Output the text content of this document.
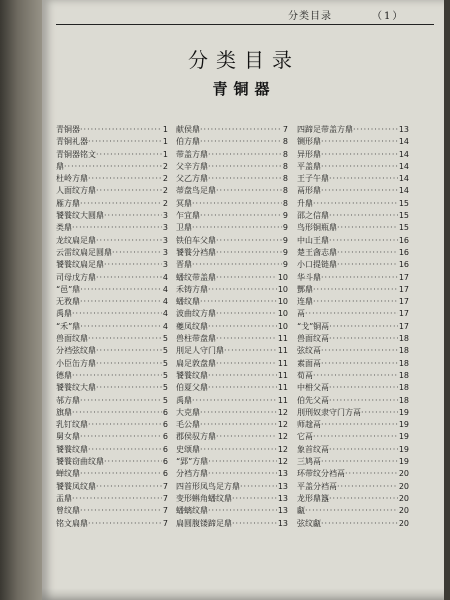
分类目录	（1）
分类目录
青铜器
青铜器 ·····	1
青铜礼器 ·····	1
青铜器铭文 ·····	1
鼎 ·····	2
杜岭方鼎 ·····	2
人面纹方鼎 ·····	2
雁方鼎 ·····	2
饕餮纹大圆鼎 ·····	3
类鼎 ·····	3
龙纹扁足鼎 ·····	3
云雷纹扁足圆鼎 ·····	3
饕餮纹扁足鼎 ·····	3
司母戊方鼎 ·····	4
“邑”鼎 ·····	4
无敄鼎 ·····	4
禹鼎 ·····	4
“禾”鼎 ·····	4
兽面纹鼎 ·····	5
分裆弦纹鼎 ·····	5
小臣缶方鼎 ·····	5
德鼎 ·····	5
饕餮纹大鼎 ·····	5
邿方鼎 ·····	5
旗鼎 ·····	6
乳钉纹鼎 ·····	6
舅女鼎 ·····	6
饕餮纹鼎 ·····	6
饕餮窃曲纹鼎 ·····	6
蝉纹鼎 ·····	6
饕餮凤纹鼎 ·····	7
盂鼎 ·····	7
曾纹鼎 ·····	7
铭文扁鼎 ·····	7
献侯鼎 ·····	7
伯方鼎 ·····	8
带盖方鼎 ·····	8
父辛方鼎 ·····	8
父乙方鼎 ·····	8
蒂盘鸟足鼎 ·····	8
冥鼎 ·····	8
乍宜鼎 ·····	9
卫鼎 ·····	9
铁伯车父鼎 ·····	9
饕餮分裆鼎 ·····	9
晋鼎 ·····	9
蟠纹带盖鼎 ·····	10
禾铸方鼎 ·····	10
蟠纹鼎 ·····	10
波曲纹方鼎 ·····	10
夔凤纹鼎 ·····	10
兽柱带盘鼎 ·····	11
刖足人守门鼎 ·····	11
扁足敦盘鼎 ·····	11
饕餮纹鼎 ·····	11
伯夏父鼎 ·····	11
禹鼎 ·····	11
大克鼎 ·····	12
毛公鼎 ·····	12
郡侯驭方鼎 ·····	12
史颂鼎 ·····	12
“郢”方鼎 ·····	12
分裆方鼎 ·····	13
四首形凤鸟足方鼎 ·····	13
变形蝌角蟠纹鼎 ·····	13
蟠螭纹鼎 ·····	13
扁圆腹镂蹄足鼎 ·····	13
四蹄足带盖方鼎 ·····	13
铡形鼎 ·····	14
异形鼎 ·····	14
平盖鼎 ·····	14
王子午鼎 ·····	14
鬲形鼎 ·····	14
升鼎 ·····	15
邵之信鼎 ·····	15
鸟形铜瓶鼎 ·····	15
中山王鼎 ·····	16
楚王酓志鼎 ·····	16
小口提链鼎 ·····	16
华斗鼎 ·····	17
酆鼎 ·····	17
连鼎 ·····	17
鬲 ·····	17
“戈”铜鬲 ·····	17
兽面纹鬲 ·····	18
弦纹鬲 ·····	18
素面鬲 ·····	18
荀鬲 ·····	18
中枏父鬲 ·····	18
伯先父鬲 ·····	18
刖刑奴隶守门方鬲 ·····	19
师趛鬲 ·····	19
它鬲 ·····	19
象首纹鬲 ·····	19
三鸠鬲 ·····	19
环带纹分裆鬲 ·····	20
平盖分裆鬲 ·····	20
龙形鼎簋 ·····	20
甗 ·····	20
弦纹甗 ·····	20
